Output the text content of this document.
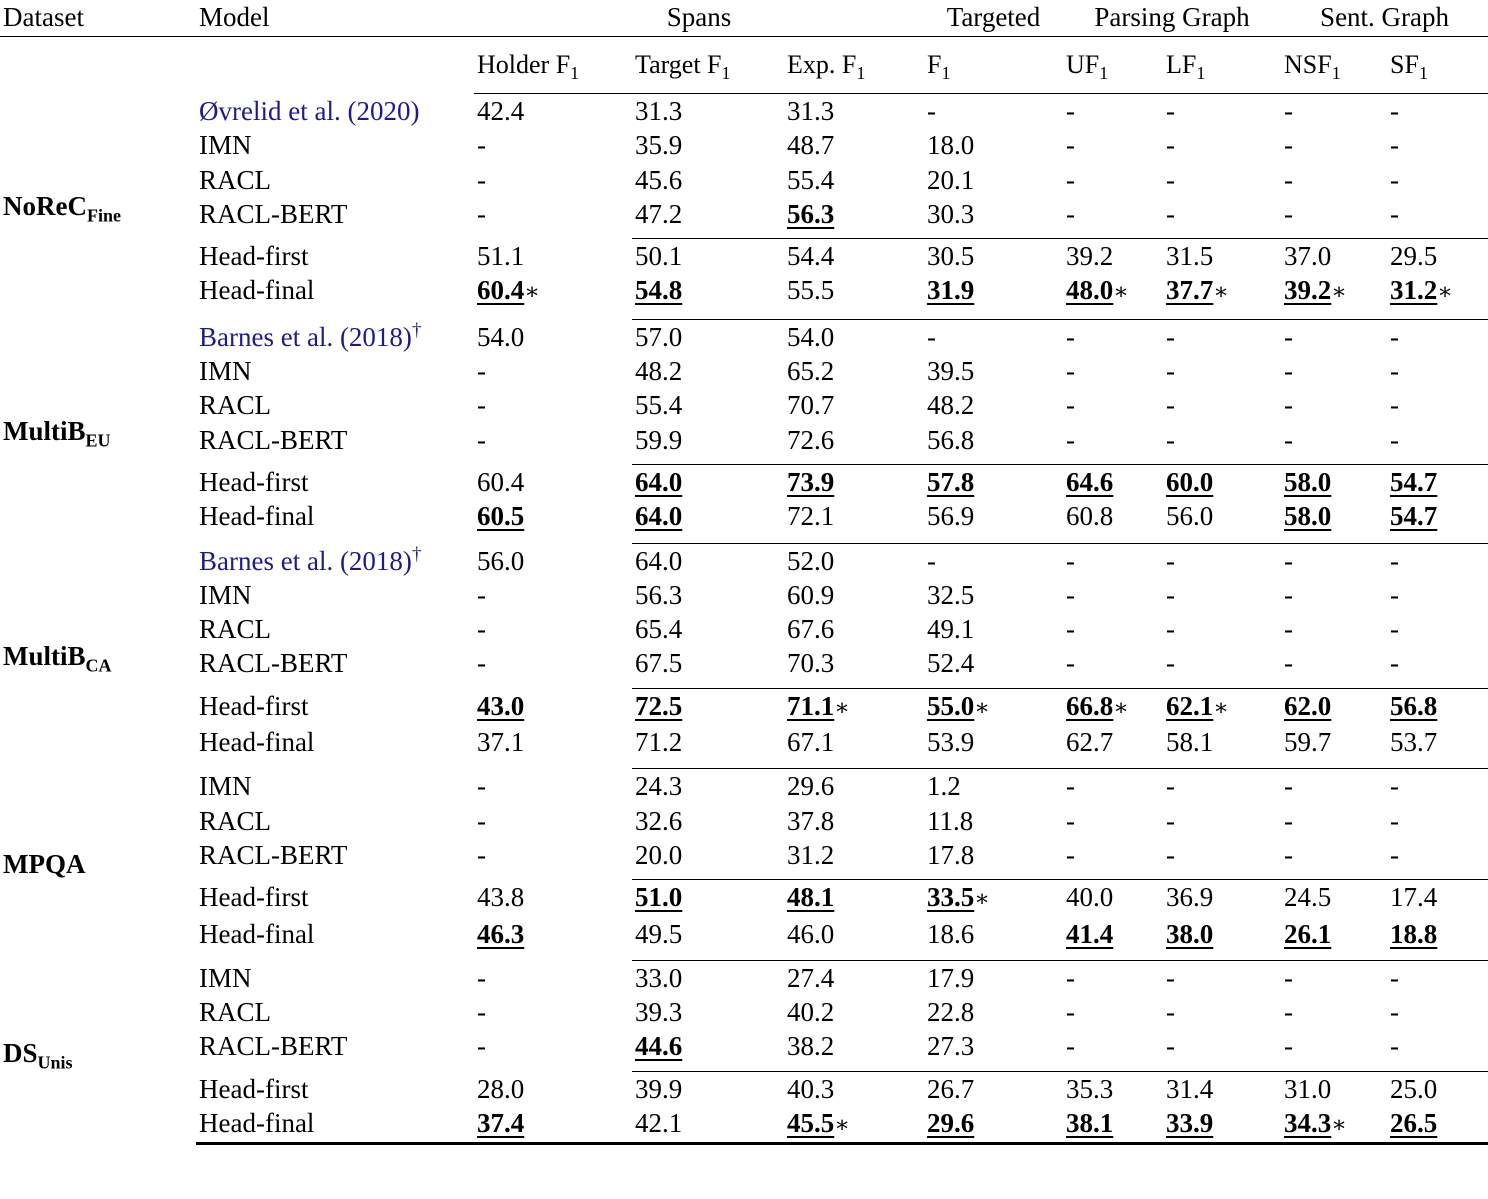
Dataset	Model	Spans			Targeted	Parsing Graph		Sent. Graph		
		Holder $F_1$	Target $F_1$	Exp. $F_1$	$F_1$	$UF_1$	$LF_1$	$NSF_1$	$SF_1$
NoReC$_{Fine}$	Øvrelid et al. (2020)	42.4	31.3	31.3	-	-	-	-	-	
	IMN	-	35.9	48.7	18.0	-	-	-	-	
	RACL	-	45.6	55.4	20.1	-	-	-	-	
	RACL-BERT	-	47.2	56.3	30.3	-	-	-	-	

	Head-first	51.1	50.1	54.4	30.5	39.2	31.5	37.0	29.5	
	Head-final	60.4∗	54.8	55.5	31.9	48.0∗	37.7∗	39.2∗	31.2∗	

MultiB$_{EU}$	Barnes et al. (2018)†	54.0	57.0	54.0	-	-	-	-	-	
	IMN	-	48.2	65.2	39.5	-	-	-	-	
	RACL	-	55.4	70.7	48.2	-	-	-	-	
	RACL-BERT	-	59.9	72.6	56.8	-	-	-	-	

	Head-first	60.4	64.0	73.9	57.8	64.6	60.0	58.0	54.7	
	Head-final	60.5	64.0	72.1	56.9	60.8	56.0	58.0	54.7	

MultiB$_{CA}$	Barnes et al. (2018)†	56.0	64.0	52.0	-	-	-	-	-	
	IMN	-	56.3	60.9	32.5	-	-	-	-	
	RACL	-	65.4	67.6	49.1	-	-	-	-	
	RACL-BERT	-	67.5	70.3	52.4	-	-	-	-	

	Head-first	43.0	72.5	71.1∗	55.0∗	66.8∗	62.1∗	62.0	56.8	
	Head-final	37.1	71.2	67.1	53.9	62.7	58.1	59.7	53.7	

MPQA	IMN	-	24.3	29.6	1.2	-	-	-	-	
	RACL	-	32.6	37.8	11.8	-	-	-	-	
	RACL-BERT	-	20.0	31.2	17.8	-	-	-	-	

	Head-first	43.8	51.0	48.1	33.5∗	40.0	36.9	24.5	17.4	
	Head-final	46.3	49.5	46.0	18.6	41.4	38.0	26.1	18.8	

$DS_{Unis}$	IMN	-	33.0	27.4	17.9	-	-	-	-	
	RACL	-	39.3	40.2	22.8	-	-	-	-	
	RACL-BERT	-	44.6	38.2	27.3	-	-	-	-	

	Head-first	28.0	39.9	40.3	26.7	35.3	31.4	31.0	25.0	
	Head-final	37.4	42.1	45.5∗	29.6	38.1	33.9	34.3∗	26.5	
